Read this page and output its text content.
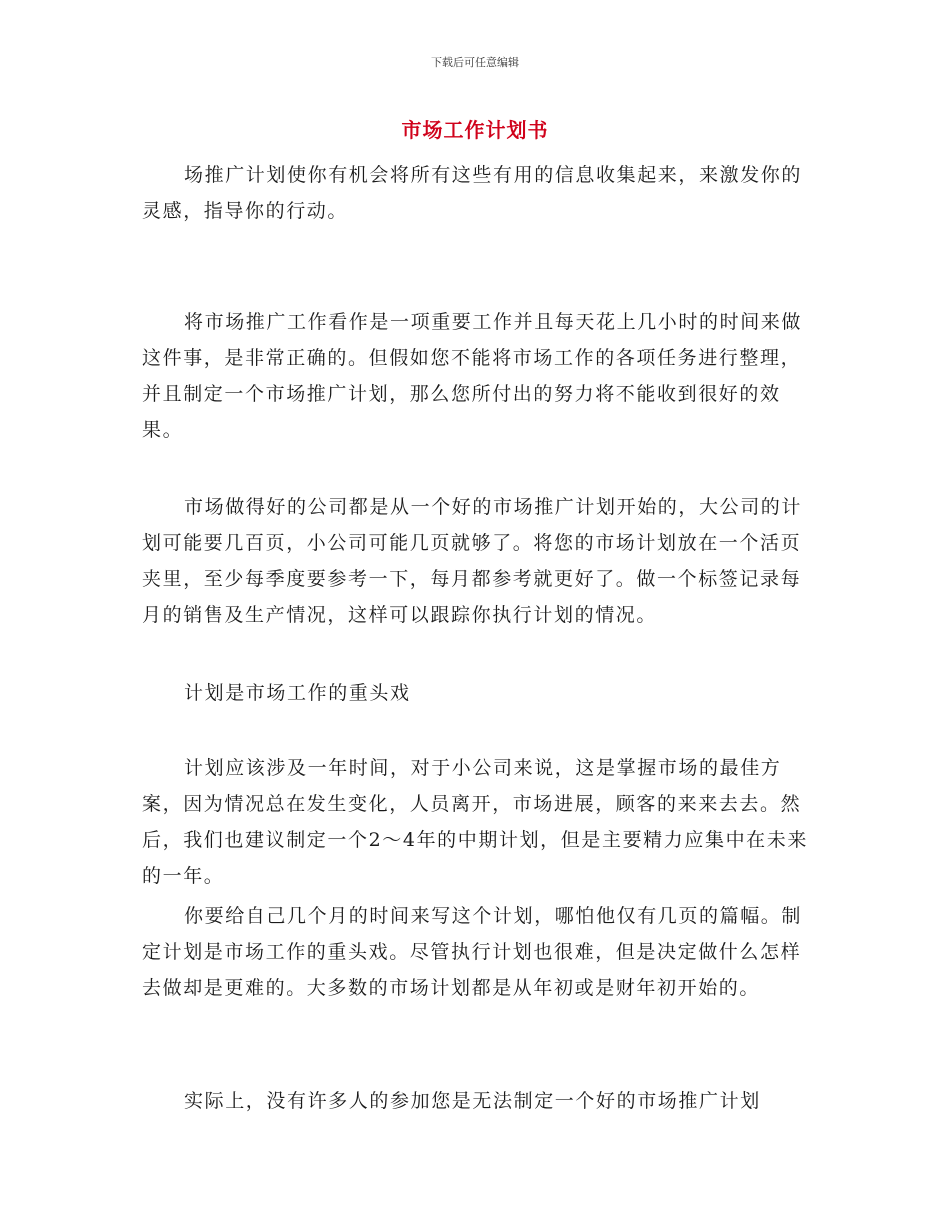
下载后可任意编辑
市场工作计划书

场推广计划使你有机会将所有这些有用的信息收集起来，来激发你的灵感，指导你的行动。

将市场推广工作看作是一项重要工作并且每天花上几小时的时间来做这件事，是非常正确的。但假如您不能将市场工作的各项任务进行整理，并且制定一个市场推广计划，那么您所付出的努力将不能收到很好的效果。

市场做得好的公司都是从一个好的市场推广计划开始的，大公司的计划可能要几百页，小公司可能几页就够了。将您的市场计划放在一个活页夹里，至少每季度要参考一下，每月都参考就更好了。做一个标签记录每月的销售及生产情况，这样可以跟踪你执行计划的情况。

计划是市场工作的重头戏

计划应该涉及一年时间，对于小公司来说，这是掌握市场的最佳方案，因为情况总在发生变化，人员离开，市场进展，顾客的来来去去。然后，我们也建议制定一个2～4年的中期计划，但是主要精力应集中在未来的一年。

你要给自己几个月的时间来写这个计划，哪怕他仅有几页的篇幅。制定计划是市场工作的重头戏。尽管执行计划也很难，但是决定做什么怎样去做却是更难的。大多数的市场计划都是从年初或是财年初开始的。

实际上，没有许多人的参加您是无法制定一个好的市场推广计划
